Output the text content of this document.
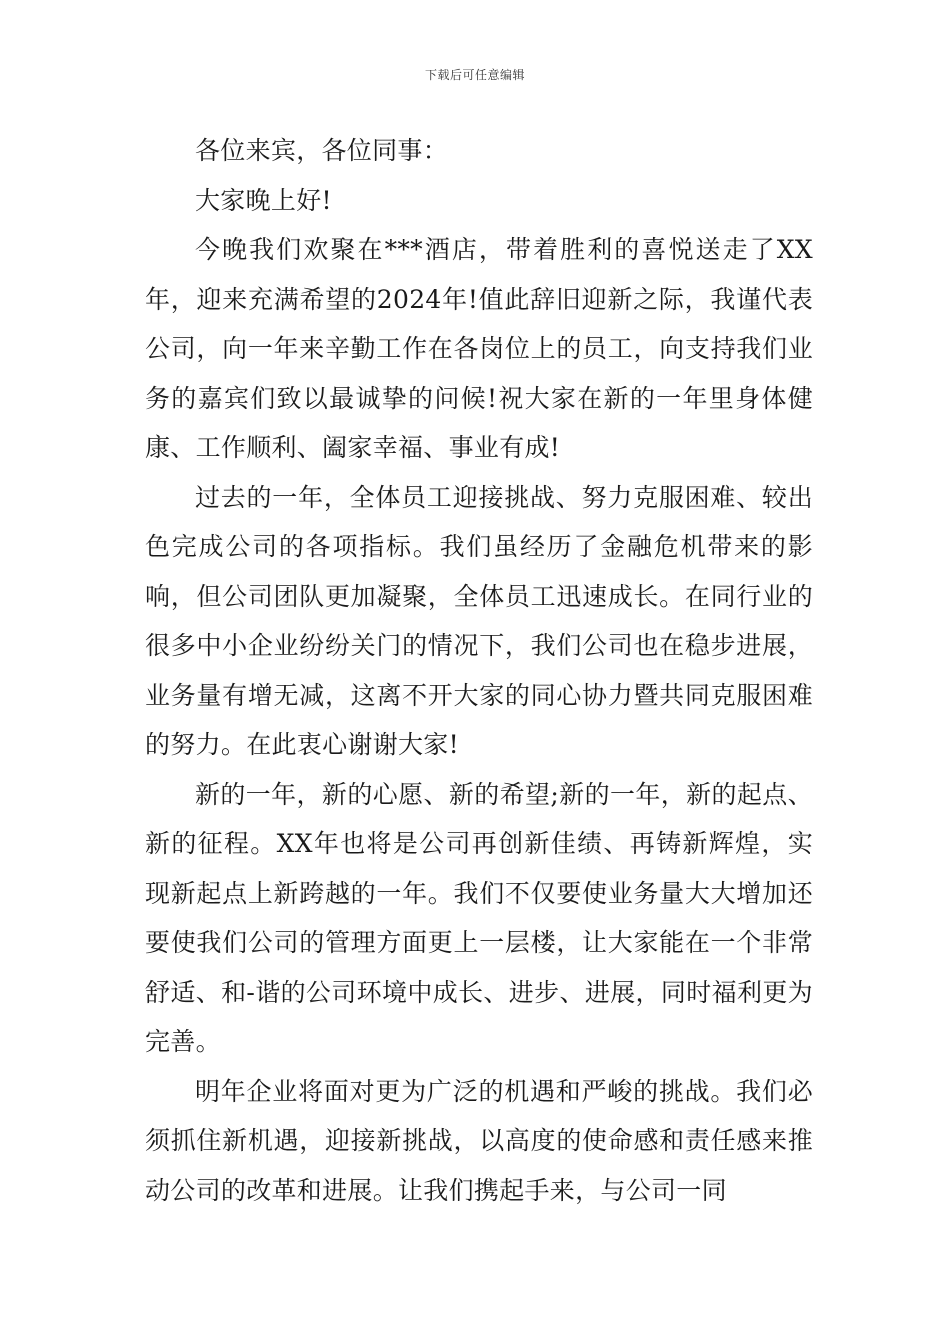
下载后可任意编辑

各位来宾，各位同事：

大家晚上好!

今晚我们欢聚在***酒店，带着胜利的喜悦送走了XX年，迎来充满希望的2024年!值此辞旧迎新之际，我谨代表公司，向一年来辛勤工作在各岗位上的员工，向支持我们业务的嘉宾们致以最诚挚的问候!祝大家在新的一年里身体健康、工作顺利、阖家幸福、事业有成!

过去的一年，全体员工迎接挑战、努力克服困难、较出色完成公司的各项指标。我们虽经历了金融危机带来的影响，但公司团队更加凝聚，全体员工迅速成长。在同行业的很多中小企业纷纷关门的情况下，我们公司也在稳步进展，业务量有增无减，这离不开大家的同心协力暨共同克服困难的努力。在此衷心谢谢大家!

新的一年，新的心愿、新的希望;新的一年，新的起点、新的征程。XX年也将是公司再创新佳绩、再铸新辉煌，实现新起点上新跨越的一年。我们不仅要使业务量大大增加还要使我们公司的管理方面更上一层楼，让大家能在一个非常舒适、和-谐的公司环境中成长、进步、进展，同时福利更为完善。

明年企业将面对更为广泛的机遇和严峻的挑战。我们必须抓住新机遇，迎接新挑战，以高度的使命感和责任感来推动公司的改革和进展。让我们携起手来，与公司一同
